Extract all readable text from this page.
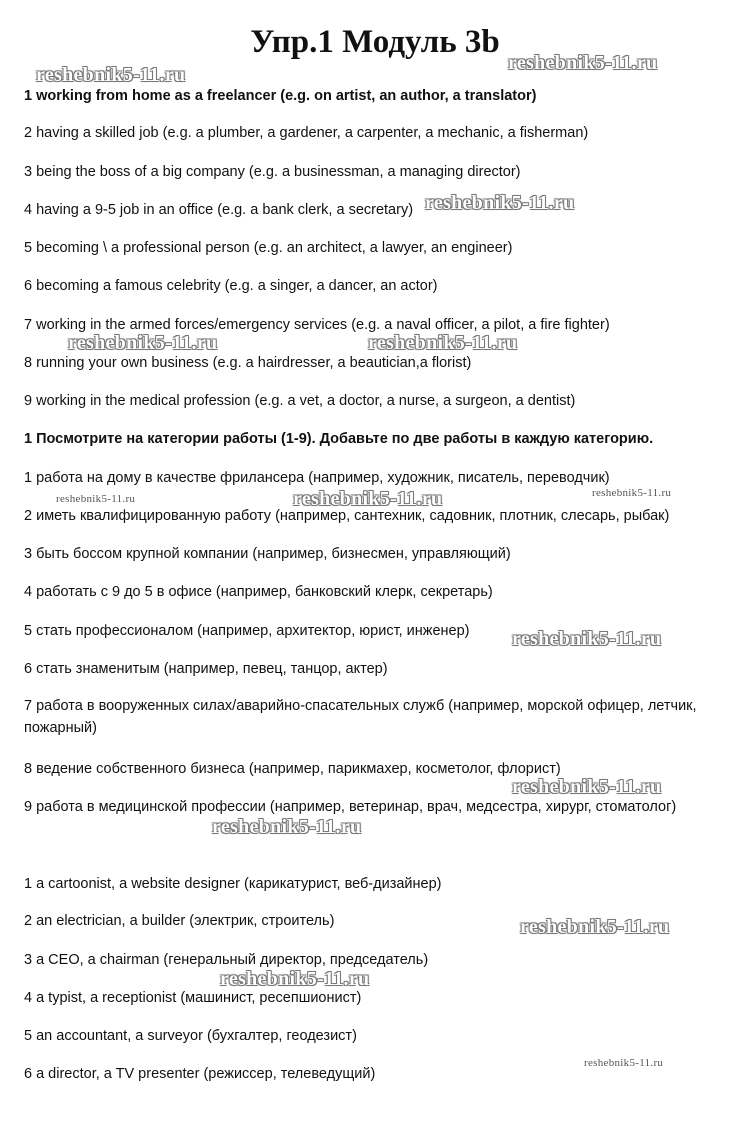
Упр.1 Модуль 3b
1 working from home as a freelancer (e.g. on artist, an author, a translator)
2 having a skilled job (e.g. a plumber, a gardener, a carpenter, a mechanic, a fisherman)
3 being the boss of a big company (e.g. a businessman, a managing director)
4 having a 9-5 job in an office (e.g. a bank clerk, a secretary)
5 becoming \ a professional person (e.g. an architect, a lawyer, an engineer)
6 becoming a famous celebrity (e.g. a singer, a dancer, an actor)
7 working in the armed forces/emergency services (e.g. a naval officer, a pilot, a fire fighter)
8 running your own business (e.g. a hairdresser, a beautician,a florist)
9 working in the medical profession (e.g. a vet, a doctor, a nurse, a surgeon, a dentist)
1 Посмотрите на категории работы (1-9). Добавьте по две работы в каждую категорию.
1 работа на дому в качестве фрилансера (например, художник, писатель, переводчик)
2 иметь квалифицированную работу (например, сантехник, садовник, плотник, слесарь, рыбак)
3 быть боссом крупной компании (например, бизнесмен, управляющий)
4 работать с 9 до 5 в офисе (например, банковский клерк, секретарь)
5 стать профессионалом (например, архитектор, юрист, инженер)
6 стать знаменитым (например, певец, танцор, актер)
7 работа в вооруженных силах/аварийно-спасательных служб (например, морской офицер, летчик, пожарный)
8 ведение собственного бизнеса (например, парикмахер, косметолог, флорист)
9 работа в медицинской профессии (например, ветеринар, врач, медсестра, хирург, стоматолог)
1 a cartoonist, a website designer (карикатурист, веб-дизайнер)
2 an electrician, a builder (электрик, строитель)
3 a CEO, a chairman (генеральный директор, председатель)
4 a typist, a receptionist (машинист, ресепшионист)
5 an accountant, a surveyor (бухгалтер, геодезист)
6 a director, a TV presenter (режиссер, телеведущий)
reshebnik5-11.ru
reshebnik5-11.ru
reshebnik5-11.ru
reshebnik5-11.ru	reshebnik5-11.ru
reshebnik5-11.ru	reshebnik5-11.ru	reshebnik5-11.ru
reshebnik5-11.ru
reshebnik5-11.ru
reshebnik5-11.ru
reshebnik5-11.ru
reshebnik5-11.ru
reshebnik5-11.ru
